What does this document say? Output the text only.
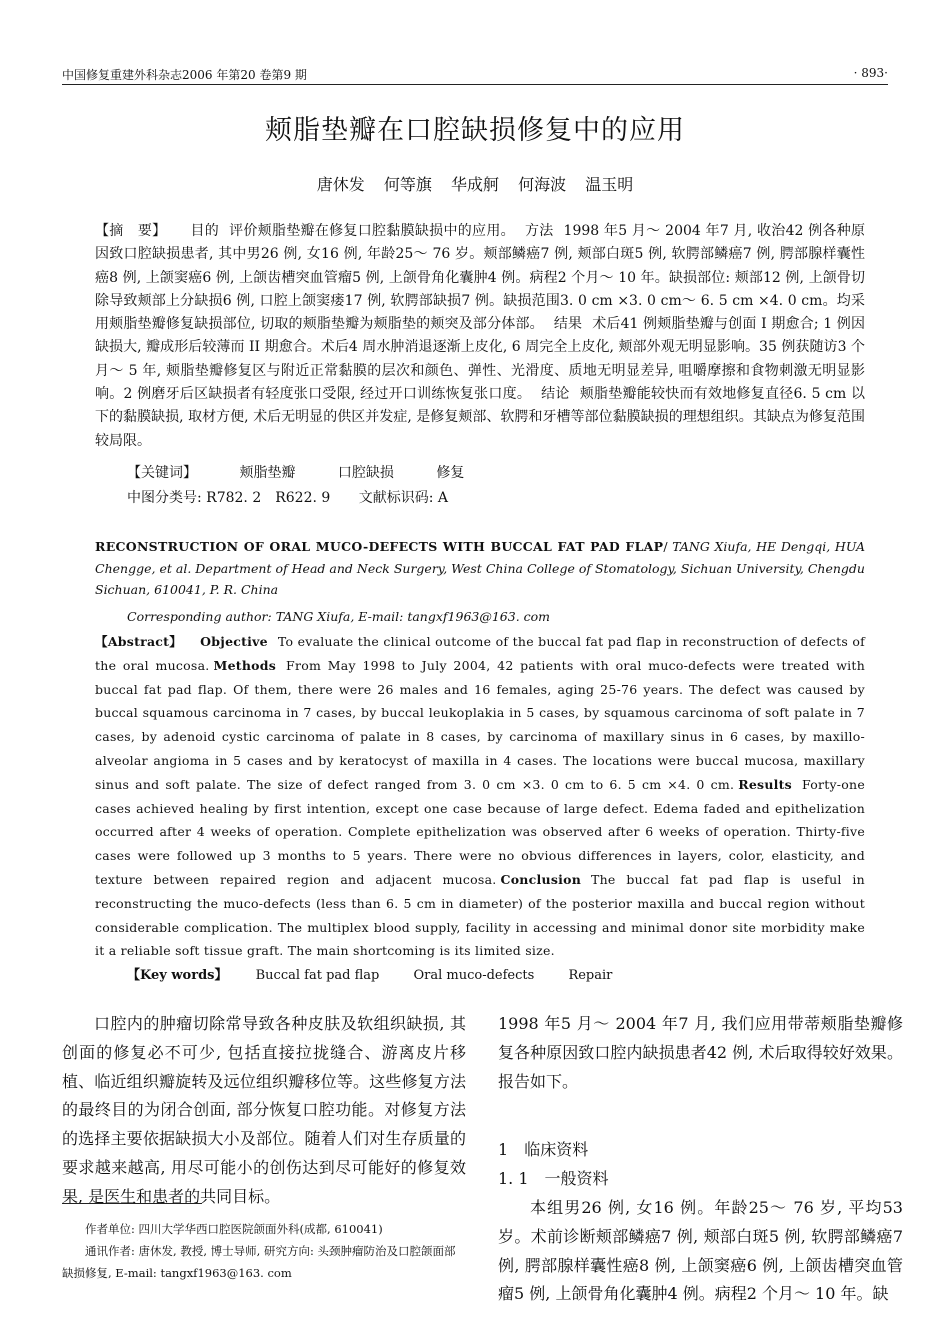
中国修复重建外科杂志2006 年第20 卷第9 期	· 893·
颊脂垫瓣在口腔缺损修复中的应用
唐休发 何等旗 华成舸 何海波 温玉明
【摘　要】 目的 评价颊脂垫瓣在修复口腔黏膜缺损中的应用。 方法 1998 年5 月～ 2004 年7 月, 收治42 例各种原因致口腔缺损患者, 其中男26 例, 女16 例, 年龄25～ 76 岁。颊部鳞癌7 例, 颊部白斑5 例, 软腭部鳞癌7 例, 腭部腺样囊性癌8 例, 上颌窦癌6 例, 上颌齿槽突血管瘤5 例, 上颌骨角化囊肿4 例。病程2 个月～ 10 年。缺损部位: 颊部12 例, 上颌骨切除导致颊部上分缺损6 例, 口腔上颌窦瘘17 例, 软腭部缺损7 例。缺损范围3. 0 cm ×3. 0 cm～ 6. 5 cm ×4. 0 cm。均采用颊脂垫瓣修复缺损部位, 切取的颊脂垫瓣为颊脂垫的颊突及部分体部。 结果 术后41 例颊脂垫瓣与创面 I 期愈合; 1 例因缺损大, 瓣成形后较薄而 II 期愈合。术后4 周水肿消退逐渐上皮化, 6 周完全上皮化, 颊部外观无明显影响。35 例获随访3 个月～ 5 年, 颊脂垫瓣修复区与附近正常黏膜的层次和颜色、弹性、光滑度、质地无明显差异, 咀嚼摩擦和食物刺激无明显影响。2 例磨牙后区缺损者有轻度张口受限, 经过开口训练恢复张口度。 结论 颊脂垫瓣能较快而有效地修复直径6. 5 cm 以下的黏膜缺损, 取材方便, 术后无明显的供区并发症, 是修复颊部、软腭和牙槽等部位黏膜缺损的理想组织。其缺点为修复范围较局限。
【关键词】	颊脂垫瓣	口腔缺损	修复
中图分类号: R782. 2　R622. 9 文献标识码: A
RECONSTRUCTION OF ORAL MUCO-DEFECTS WITH BUCCAL FAT PAD FLAP/ TANG Xiufa, HE Dengqi, HUA Chengge, et al. Department of Head and Neck Surgery, West China College of Stomatology, Sichuan University, Chengdu Sichuan, 610041, P. R. China
Corresponding author: TANG Xiufa, E-mail: tangxf1963@163. com
【Abstract】 Objective To evaluate the clinical outcome of the buccal fat pad flap in reconstruction of defects of the oral mucosa. Methods From May 1998 to July 2004, 42 patients with oral muco-defects were treated with buccal fat pad flap. Of them, there were 26 males and 16 females, aging 25-76 years. The defect was caused by buccal squamous carcinoma in 7 cases, by buccal leukoplakia in 5 cases, by squamous carcinoma of soft palate in 7 cases, by adenoid cystic carcinoma of palate in 8 cases, by carcinoma of maxillary sinus in 6 cases, by maxillo-alveolar angioma in 5 cases and by keratocyst of maxilla in 4 cases. The locations were buccal mucosa, maxillary sinus and soft palate. The size of defect ranged from 3. 0 cm ×3. 0 cm to 6. 5 cm ×4. 0 cm. Results Forty-one cases achieved healing by first intention, except one case because of large defect. Edema faded and epithelization occurred after 4 weeks of operation. Complete epithelization was observed after 6 weeks of operation. Thirty-five cases were followed up 3 months to 5 years. There were no obvious differences in layers, color, elasticity, and texture between repaired region and adjacent mucosa. Conclusion The buccal fat pad flap is useful in reconstructing the muco-defects (less than 6. 5 cm in diameter) of the posterior maxilla and buccal region without considerable complication. The multiplex blood supply, facility in accessing and minimal donor site morbidity make it a reliable soft tissue graft. The main shortcoming is its limited size.
【Key words】 Buccal fat pad flap	Oral muco-defects	Repair

口腔内的肿瘤切除常导致各种皮肤及软组织缺损, 其创面的修复必不可少, 包括直接拉拢缝合、游离皮片移植、临近组织瓣旋转及远位组织瓣移位等。这些修复方法的最终目的为闭合创面, 部分恢复口腔功能。对修复方法的选择主要依据缺损大小及部位。随着人们对生存质量的要求越来越高, 用尽可能小的创伤达到尽可能好的修复效果, 是医生和患者的共同目标。

作者单位: 四川大学华西口腔医院颌面外科(成都, 610041)

通讯作者: 唐休发, 教授, 博士导师, 研究方向: 头颈肿瘤防治及口腔颌面部缺损修复, E-mail: tangxf1963@163. com

1998 年5 月～ 2004 年7 月, 我们应用带蒂颊脂垫瓣修复各种原因致口腔内缺损患者42 例, 术后取得较好效果。报告如下。

1 临床资料

1. 1 一般资料

本组男26 例, 女16 例。年龄25～ 76 岁, 平均53 岁。术前诊断颊部鳞癌7 例, 颊部白斑5 例, 软腭部鳞癌7 例, 腭部腺样囊性癌8 例, 上颌窦癌6 例, 上颌齿槽突血管瘤5 例, 上颌骨角化囊肿4 例。病程2 个月～ 10 年。缺
